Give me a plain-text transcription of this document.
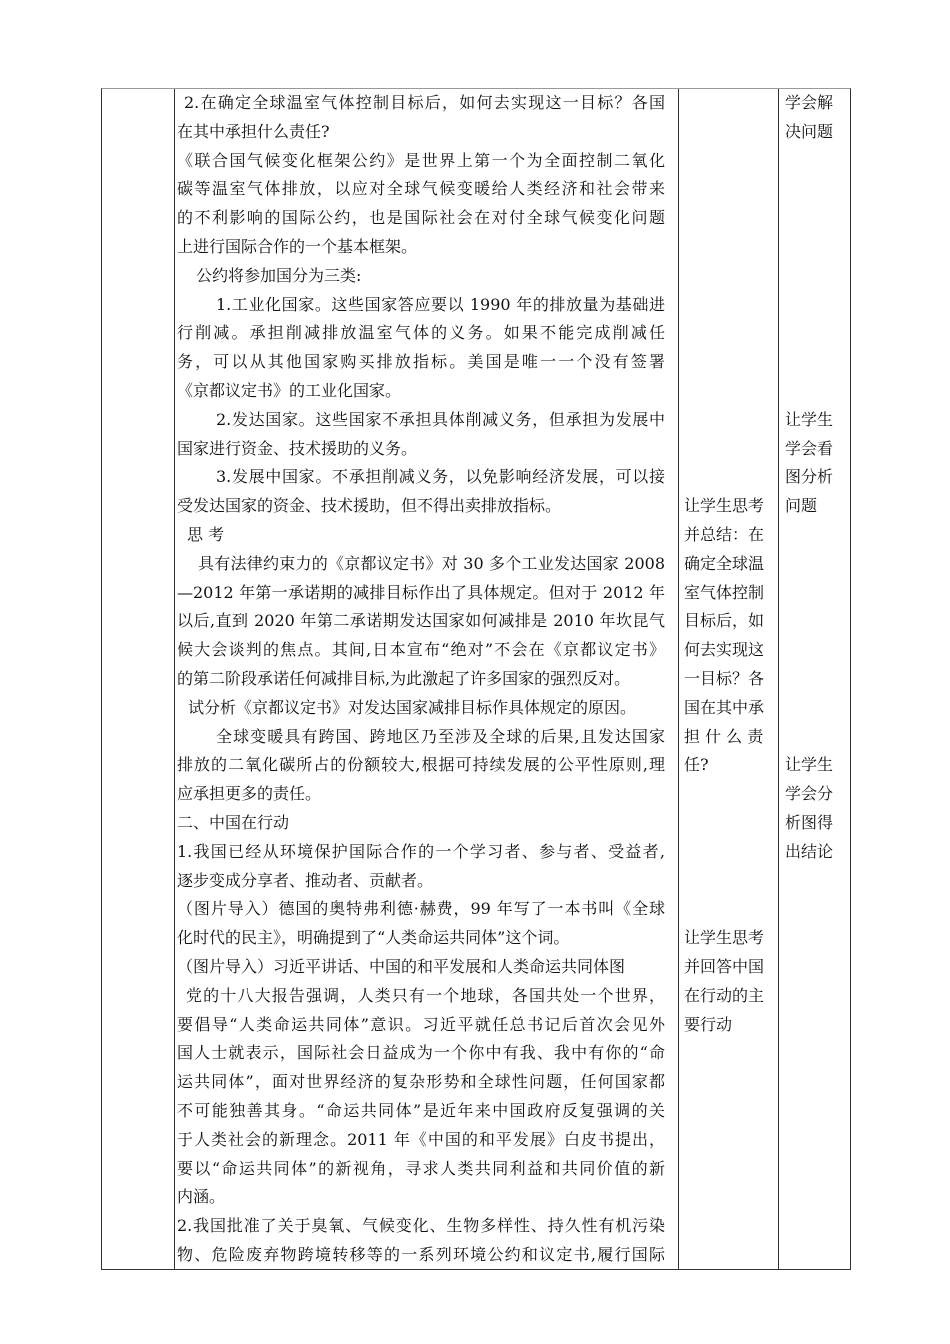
2.在确定全球温室气体控制目标后，如何去实现这一目标？各国
在其中承担什么责任?
《联合国气候变化框架公约》是世界上第一个为全面控制二氧化
碳等温室气体排放，以应对全球气候变暖给人类经济和社会带来
的不利影响的国际公约，也是国际社会在对付全球气候变化问题
上进行国际合作的一个基本框架。
公约将参加国分为三类:
1.工业化国家。这些国家答应要以 1990 年的排放量为基础进
行削减。承担削减排放温室气体的义务。如果不能完成削减任
务，可以从其他国家购买排放指标。美国是唯一一个没有签署
《京都议定书》的工业化国家。
2.发达国家。这些国家不承担具体削减义务，但承担为发展中
国家进行资金、技术援助的义务。
3.发展中国家。不承担削减义务，以免影响经济发展，可以接
受发达国家的资金、技术援助，但不得出卖排放指标。
思 考
具有法律约束力的《京都议定书》对 30 多个工业发达国家 2008
—2012 年第一承诺期的减排目标作出了具体规定。但对于 2012 年
以后,直到 2020 年第二承诺期发达国家如何减排是 2010 年坎昆气
候大会谈判的焦点。其间,日本宣布“绝对”不会在《京都议定书》
的第二阶段承诺任何减排目标,为此激起了许多国家的强烈反对。
试分析《京都议定书》对发达国家减排目标作具体规定的原因。
全球变暖具有跨国、跨地区乃至涉及全球的后果,且发达国家
排放的二氧化碳所占的份额较大,根据可持续发展的公平性原则,理
应承担更多的责任。
二、中国在行动
1.我国已经从环境保护国际合作的一个学习者、参与者、受益者,
逐步变成分享者、推动者、贡献者。
（图片导入）德国的奥特弗利德·赫费，99 年写了一本书叫《全球
化时代的民主》，明确提到了“人类命运共同体”这个词。
（图片导入）习近平讲话、中国的和平发展和人类命运共同体图
党的十八大报告强调，人类只有一个地球，各国共处一个世界，
要倡导“人类命运共同体”意识。习近平就任总书记后首次会见外
国人士就表示，国际社会日益成为一个你中有我、我中有你的“命
运共同体”，面对世界经济的复杂形势和全球性问题，任何国家都
不可能独善其身。“命运共同体”是近年来中国政府反复强调的关
于人类社会的新理念。2011 年《中国的和平发展》白皮书提出，
要以“命运共同体”的新视角，寻求人类共同利益和共同价值的新
内涵。
2.我国批准了关于臭氧、气候变化、生物多样性、持久性有机污染
物、危险废弃物跨境转移等的一系列环境公约和议定书,履行国际
让学生思考
并总结：在
确定全球温
室气体控制
目标后，如
何去实现这
一目标？各
国在其中承
担 什 么 责
任?
让学生思考
并回答中国
在行动的主
要行动
学会解
决问题
让学生
学会看
图分析
问题
让学生
学会分
析图得
出结论
